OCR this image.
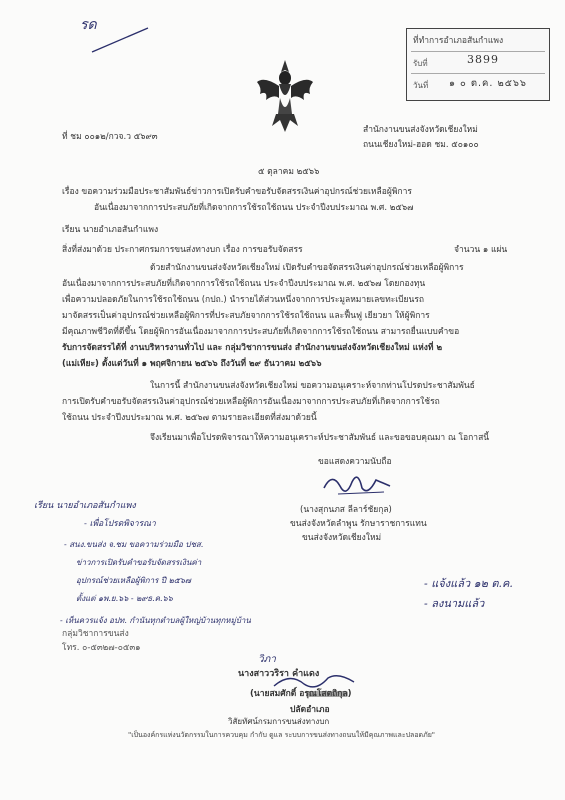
รด
ที่ทำการอำเภอสันกำแพง
รับที่	3899
วันที่ ๑ ๐ ต.ค. ๒๕๖๖
ที่ ชม ๐๐๑๒/กวจ.ว ๕๖๙๓
สำนักงานขนส่งจังหวัดเชียงใหม่
ถนนเชียงใหม่-ฮอด ชม. ๕๐๑๐๐
๕ ตุลาคม ๒๕๖๖
เรื่อง ขอความร่วมมือประชาสัมพันธ์ข่าวการเปิดรับคำขอรับจัดสรรเงินค่าอุปกรณ์ช่วยเหลือผู้พิการ
อันเนื่องมาจากการประสบภัยที่เกิดจากการใช้รถใช้ถนน ประจำปีงบประมาณ พ.ศ. ๒๕๖๗
เรียน นายอำเภอสันกำแพง
สิ่งที่ส่งมาด้วย ประกาศกรมการขนส่งทางบก เรื่อง การขอรับจัดสรร	จำนวน ๑ แผ่น
ด้วยสำนักงานขนส่งจังหวัดเชียงใหม่ เปิดรับคำขอจัดสรรเงินค่าอุปกรณ์ช่วยเหลือผู้พิการ
อันเนื่องมาจากการประสบภัยที่เกิดจากการใช้รถใช้ถนน ประจำปีงบประมาณ พ.ศ. ๒๕๖๗ โดยกองทุน
เพื่อความปลอดภัยในการใช้รถใช้ถนน (กปถ.) นำรายได้ส่วนหนึ่งจากการประมูลหมายเลขทะเบียนรถ
มาจัดสรรเป็นค่าอุปกรณ์ช่วยเหลือผู้พิการที่ประสบภัยจากการใช้รถใช้ถนน และฟื้นฟู เยียวยา ให้ผู้พิการ
มีคุณภาพชีวิตที่ดีขึ้น โดยผู้พิการอันเนื่องมาจากการประสบภัยที่เกิดจากการใช้รถใช้ถนน สามารถยื่นแบบคำขอ
รับการจัดสรรได้ที่ งานบริหารงานทั่วไป และ กลุ่มวิชาการขนส่ง สำนักงานขนส่งจังหวัดเชียงใหม่ แห่งที่ ๒
(แม่เหียะ) ตั้งแต่วันที่ ๑ พฤศจิกายน ๒๕๖๖ ถึงวันที่ ๒๙ ธันวาคม ๒๕๖๖
ในการนี้ สำนักงานขนส่งจังหวัดเชียงใหม่ ขอความอนุเคราะห์จากท่านโปรดประชาสัมพันธ์
การเปิดรับคำขอรับจัดสรรเงินค่าอุปกรณ์ช่วยเหลือผู้พิการอันเนื่องมาจากการประสบภัยที่เกิดจากการใช้รถ
ใช้ถนน ประจำปีงบประมาณ พ.ศ. ๒๕๖๗ ตามรายละเอียดที่ส่งมาด้วยนี้
จึงเรียนมาเพื่อโปรดพิจารณาให้ความอนุเคราะห์ประชาสัมพันธ์ และขอขอบคุณมา ณ โอกาสนี้
ขอแสดงความนับถือ
(นางสุกนภส ลีลาร์ชัยกุล)
ขนส่งจังหวัดลำพูน รักษาราชการแทน
ขนส่งจังหวัดเชียงใหม่
เรียน นายอำเภอสันกำแพง
- เพื่อโปรดพิจารณา
- สนง.ขนส่ง จ.ชม ขอความร่วมมือ ปชส.
ข่าวการเปิดรับคำขอรับจัดสรรเงินค่า
อุปกรณ์ช่วยเหลือผู้พิการ ปี ๒๕๖๗
ตั้งแต่ ๑พ.ย.๖๖ - ๒๙ธ.ค.๖๖
- เห็นควรแจ้ง อปท. กำนันทุกตำบลผู้ใหญ่บ้านทุกหมู่บ้าน
- แจ้งแล้ว ๑๒ ต.ค.
- ลงนามแล้ว
กลุ่มวิชาการขนส่ง
โทร. ๐-๕๓๒๗-๐๕๓๑
วิภา
นางสาววริรา คำแดง
(นายสมศักดิ์ อรุณโสตถิกุล)
ปลัดอำเภอ
วิสัยทัศน์กรมการขนส่งทางบก
"เป็นองค์กรแห่งนวัตกรรมในการควบคุม กำกับ ดูแล ระบบการขนส่งทางถนนให้มีคุณภาพและปลอดภัย"
